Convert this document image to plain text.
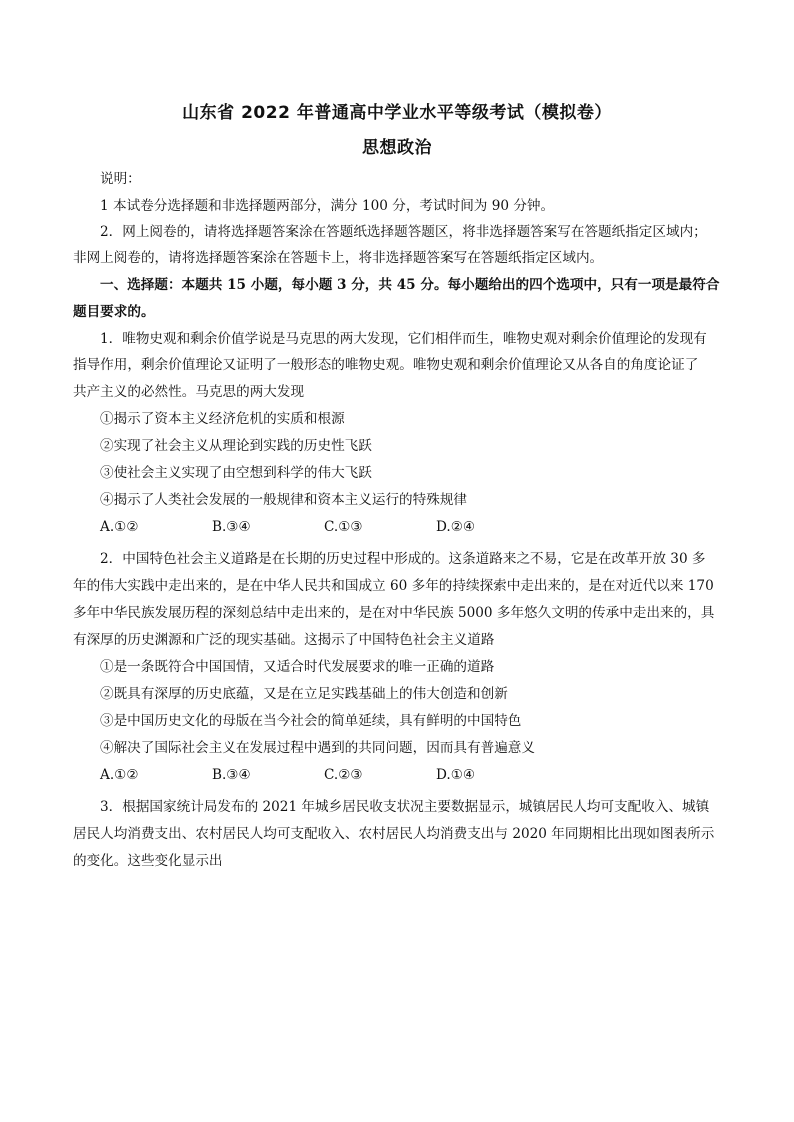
山东省 2022 年普通高中学业水平等级考试（模拟卷）
思想政治
说明：
1 本试卷分选择题和非选择题两部分，满分 100 分，考试时间为 90 分钟。
2．网上阅卷的，请将选择题答案涂在答题纸选择题答题区，将非选择题答案写在答题纸指定区域内；
非网上阅卷的，请将选择题答案涂在答题卡上，将非选择题答案写在答题纸指定区域内。
一、选择题：本题共 15 小题，每小题 3 分，共 45 分。每小题给出的四个选项中，只有一项是最符合
题目要求的。
1．唯物史观和剩余价值学说是马克思的两大发现，它们相伴而生，唯物史观对剩余价值理论的发现有
指导作用，剩余价值理论又证明了一般形态的唯物史观。唯物史观和剩余价值理论又从各自的角度论证了
共产主义的必然性。马克思的两大发现
①揭示了资本主义经济危机的实质和根源
②实现了社会主义从理论到实践的历史性飞跃
③使社会主义实现了由空想到科学的伟大飞跃
④揭示了人类社会发展的一般规律和资本主义运行的特殊规律
A.①②	B.③④	C.①③	D.②④
2．中国特色社会主义道路是在长期的历史过程中形成的。这条道路来之不易，它是在改革开放 30 多
年的伟大实践中走出来的，是在中华人民共和国成立 60 多年的持续探索中走出来的，是在对近代以来 170
多年中华民族发展历程的深刻总结中走出来的，是在对中华民族 5000 多年悠久文明的传承中走出来的，具
有深厚的历史渊源和广泛的现实基础。这揭示了中国特色社会主义道路
①是一条既符合中国国情，又适合时代发展要求的唯一正确的道路
②既具有深厚的历史底蕴，又是在立足实践基础上的伟大创造和创新
③是中国历史文化的母版在当今社会的简单延续，具有鲜明的中国特色
④解决了国际社会主义在发展过程中遇到的共同问题，因而具有普遍意义
A.①②	B.③④	C.②③	D.①④
3．根据国家统计局发布的 2021 年城乡居民收支状况主要数据显示，城镇居民人均可支配收入、城镇
居民人均消费支出、农村居民人均可支配收入、农村居民人均消费支出与 2020 年同期相比出现如图表所示
的变化。这些变化显示出
